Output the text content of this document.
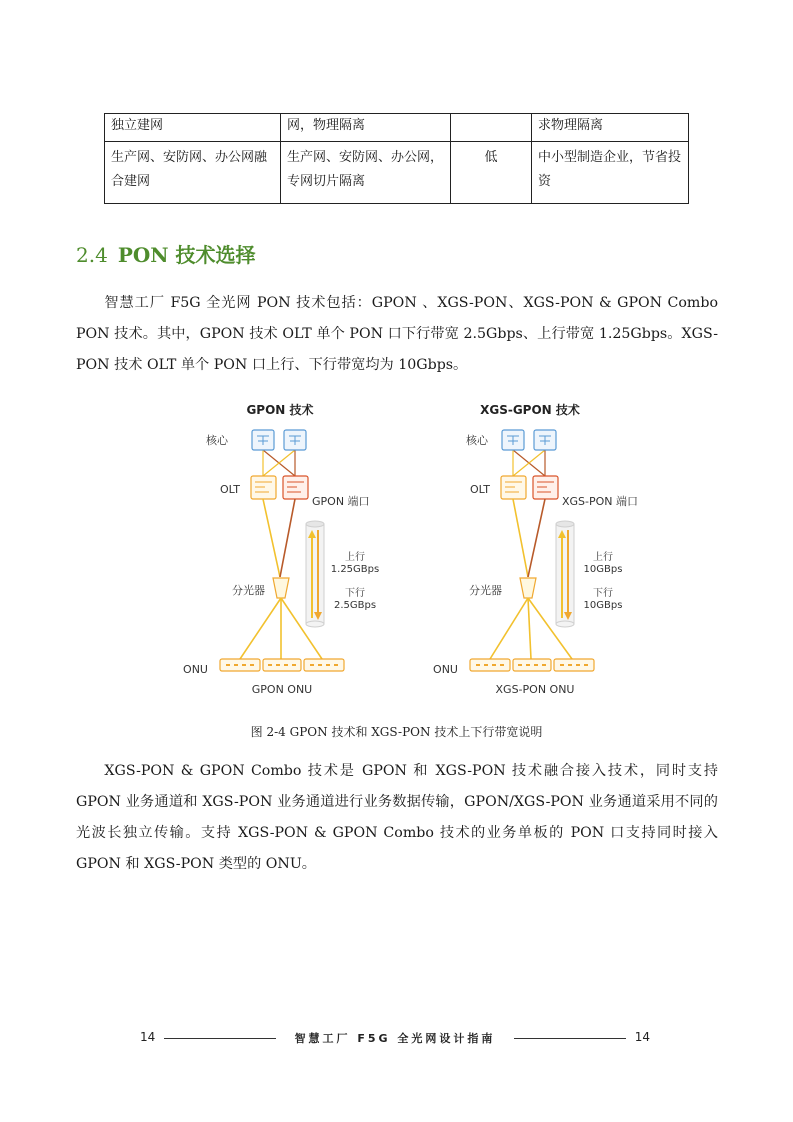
独立建网	网，物理隔离		求物理隔离
生产网、安防网、办公网融合建网	生产网、安防网、办公网，专网切片隔离	低	中小型制造企业，节省投资
2.4 PON 技术选择

智慧工厂 F5G 全光网 PON 技术包括：GPON 、XGS-PON、XGS-PON & GPON Combo PON 技术。其中，GPON 技术 OLT 单个 PON 口下行带宽 2.5Gbps、上行带宽 1.25Gbps。XGS-PON 技术 OLT 单个 PON 口上行、下行带宽均为 10Gbps。

GPON 技术
核心
OLT
分光器
ONU
GPON 端口
上行
1.25GBps
下行
2.5GBps
GPON ONU
XGS-GPON 技术
核心
OLT
分光器
ONU
XGS-PON 端口
上行
10GBps
下行
10GBps
XGS-PON ONU
图 2-4 GPON 技术和 XGS-PON 技术上下行带宽说明

XGS-PON & GPON Combo 技术是 GPON 和 XGS-PON 技术融合接入技术，同时支持 GPON 业务通道和 XGS-PON 业务通道进行业务数据传输，GPON/XGS-PON 业务通道采用不同的光波长独立传输。支持 XGS-PON & GPON Combo 技术的业务单板的 PON 口支持同时接入 GPON 和 XGS-PON 类型的 ONU。

14	智慧工厂 F5G 全光网设计指南	14
